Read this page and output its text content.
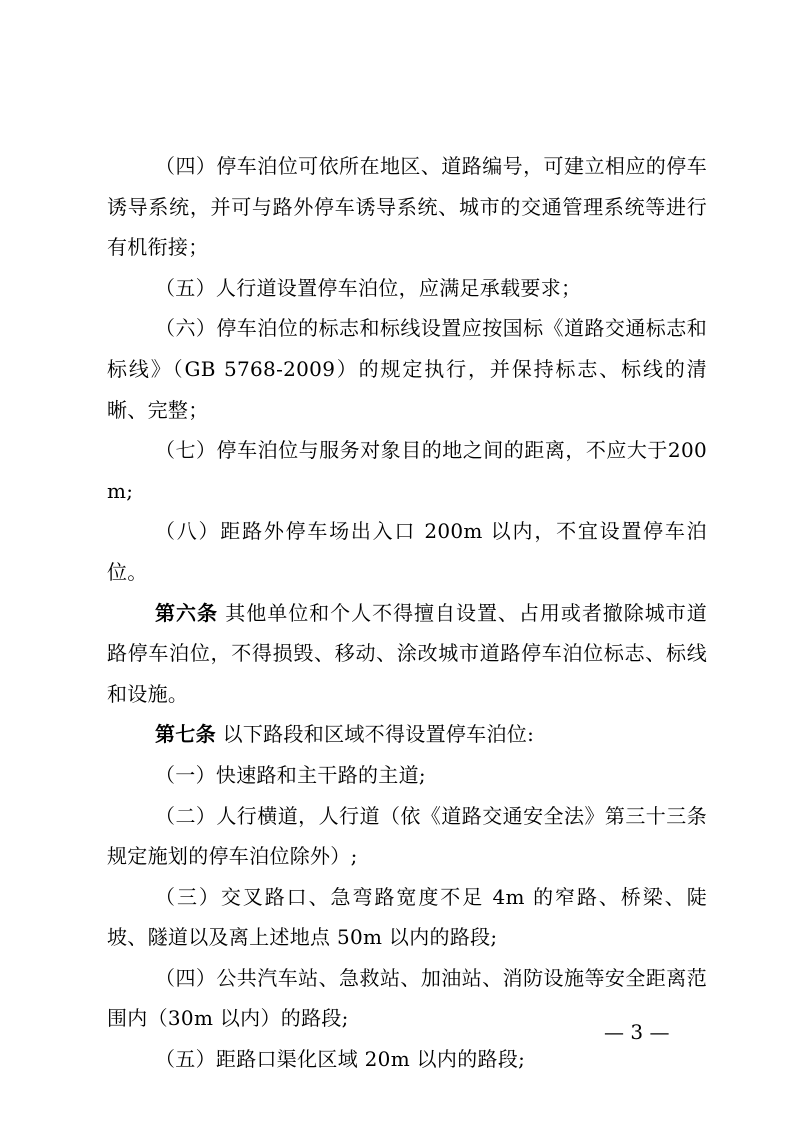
（四）停车泊位可依所在地区、道路编号，可建立相应的停车诱导系统，并可与路外停车诱导系统、城市的交通管理系统等进行有机衔接；

（五）人行道设置停车泊位，应满足承载要求；

（六）停车泊位的标志和标线设置应按国标《道路交通标志和标线》（GB 5768-2009）的规定执行，并保持标志、标线的清晰、完整；

（七）停车泊位与服务对象目的地之间的距离，不应大于200m;

（八）距路外停车场出入口 200m 以内，不宜设置停车泊位。

第六条 其他单位和个人不得擅自设置、占用或者撤除城市道路停车泊位，不得损毁、移动、涂改城市道路停车泊位标志、标线和设施。

第七条 以下路段和区域不得设置停车泊位:

（一）快速路和主干路的主道;

（二）人行横道，人行道（依《道路交通安全法》第三十三条规定施划的停车泊位除外）;

（三）交叉路口、急弯路宽度不足 4m 的窄路、桥梁、陡坡、隧道以及离上述地点 50m 以内的路段;

（四）公共汽车站、急救站、加油站、消防设施等安全距离范围内（30m 以内）的路段;

（五）距路口渠化区域 20m 以内的路段;

— 3 —
